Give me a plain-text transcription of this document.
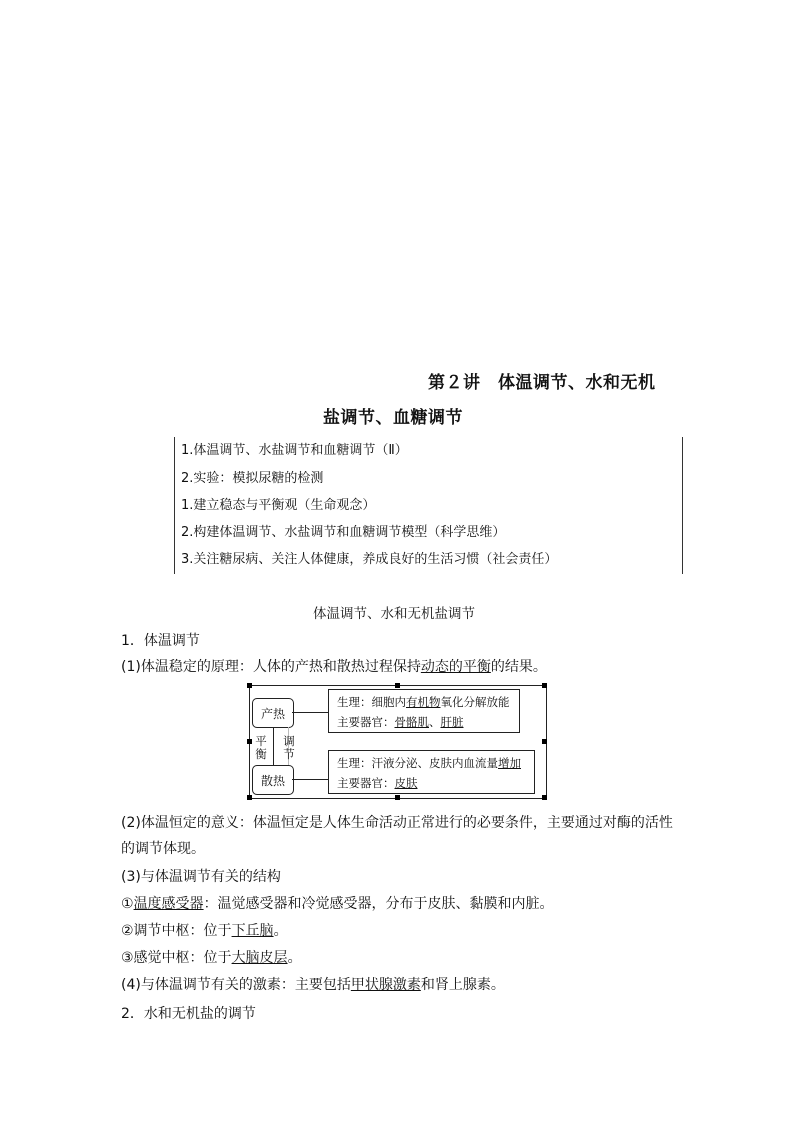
第２讲　体温调节、水和无机
盐调节、血糖调节
1.体温调节、水盐调节和血糖调节（Ⅱ）
2.实验：模拟尿糖的检测
1.建立稳态与平衡观（生命观念）
2.构建体温调节、水盐调节和血糖调节模型（科学思维）
3.关注糖尿病、关注人体健康，养成良好的生活习惯（社会责任）
体温调节、水和无机盐调节
1．体温调节
(1)体温稳定的原理：人体的产热和散热过程保持动态的平衡的结果。
产热
散热
平
衡
调
节
生理：细胞内有机物氧化分解放能
主要器官：骨骼肌、肝脏
生理：汗液分泌、皮肤内血流量增加
主要器官：皮肤
(2)体温恒定的意义：体温恒定是人体生命活动正常进行的必要条件，主要通过对酶的活性
的调节体现。
(3)与体温调节有关的结构
①温度感受器：温觉感受器和冷觉感受器，分布于皮肤、黏膜和内脏。
②调节中枢：位于下丘脑。
③感觉中枢：位于大脑皮层。
(4)与体温调节有关的激素：主要包括甲状腺激素和肾上腺素。
2．水和无机盐的调节
